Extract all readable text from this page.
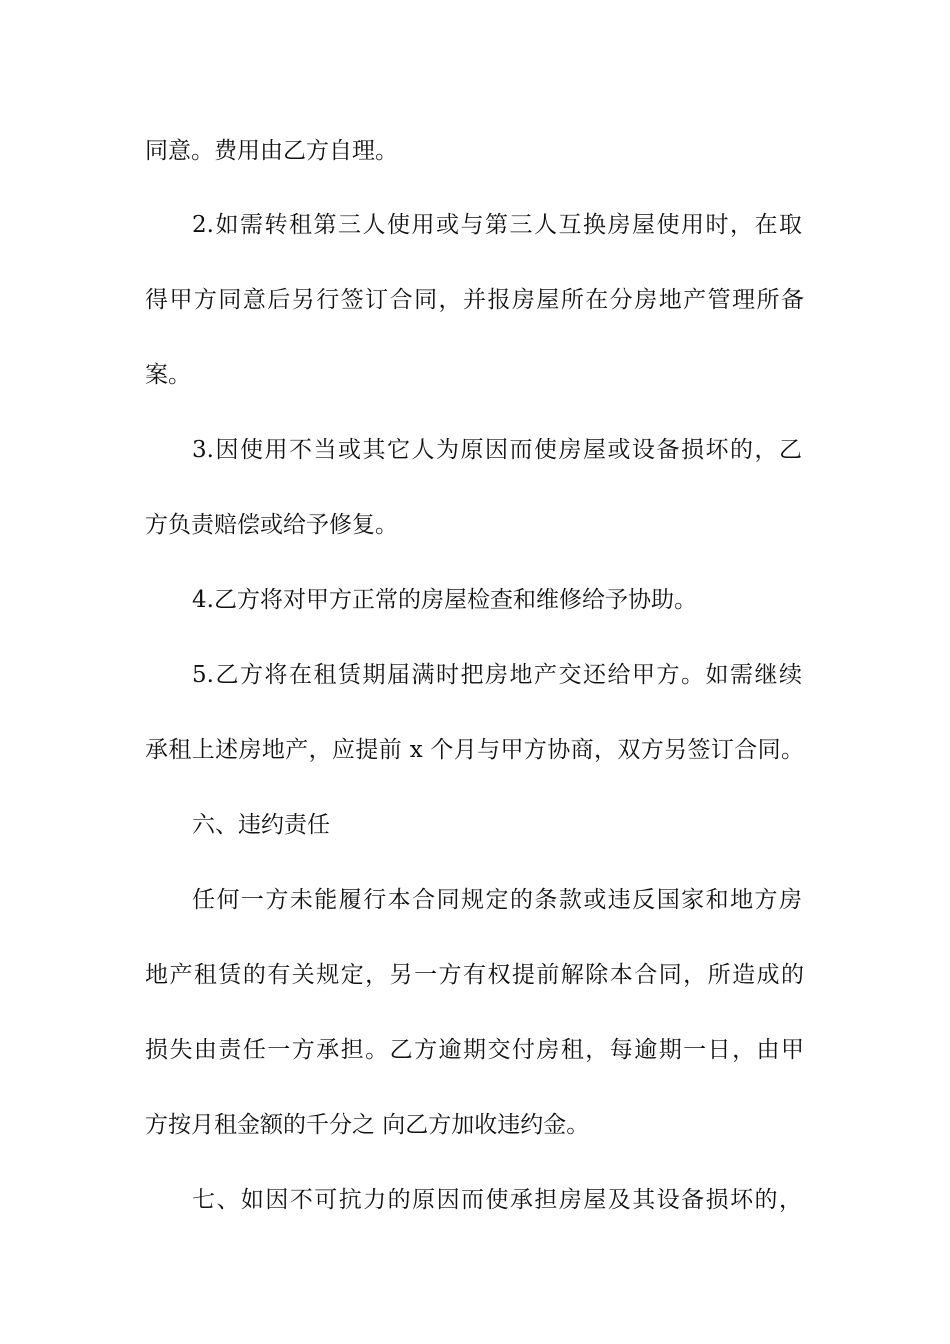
同意。费用由乙方自理。
2.如需转租第三人使用或与第三人互换房屋使用时，在取
得甲方同意后另行签订合同，并报房屋所在分房地产管理所备
案。
3.因使用不当或其它人为原因而使房屋或设备损坏的，乙
方负责赔偿或给予修复。
4.乙方将对甲方正常的房屋检查和维修给予协助。
5.乙方将在租赁期届满时把房地产交还给甲方。如需继续
承租上述房地产，应提前 x 个月与甲方协商，双方另签订合同。
六、违约责任
任何一方未能履行本合同规定的条款或违反国家和地方房
地产租赁的有关规定，另一方有权提前解除本合同，所造成的
损失由责任一方承担。乙方逾期交付房租，每逾期一日，由甲
方按月租金额的千分之 向乙方加收违约金。
七、如因不可抗力的原因而使承担房屋及其设备损坏的，
